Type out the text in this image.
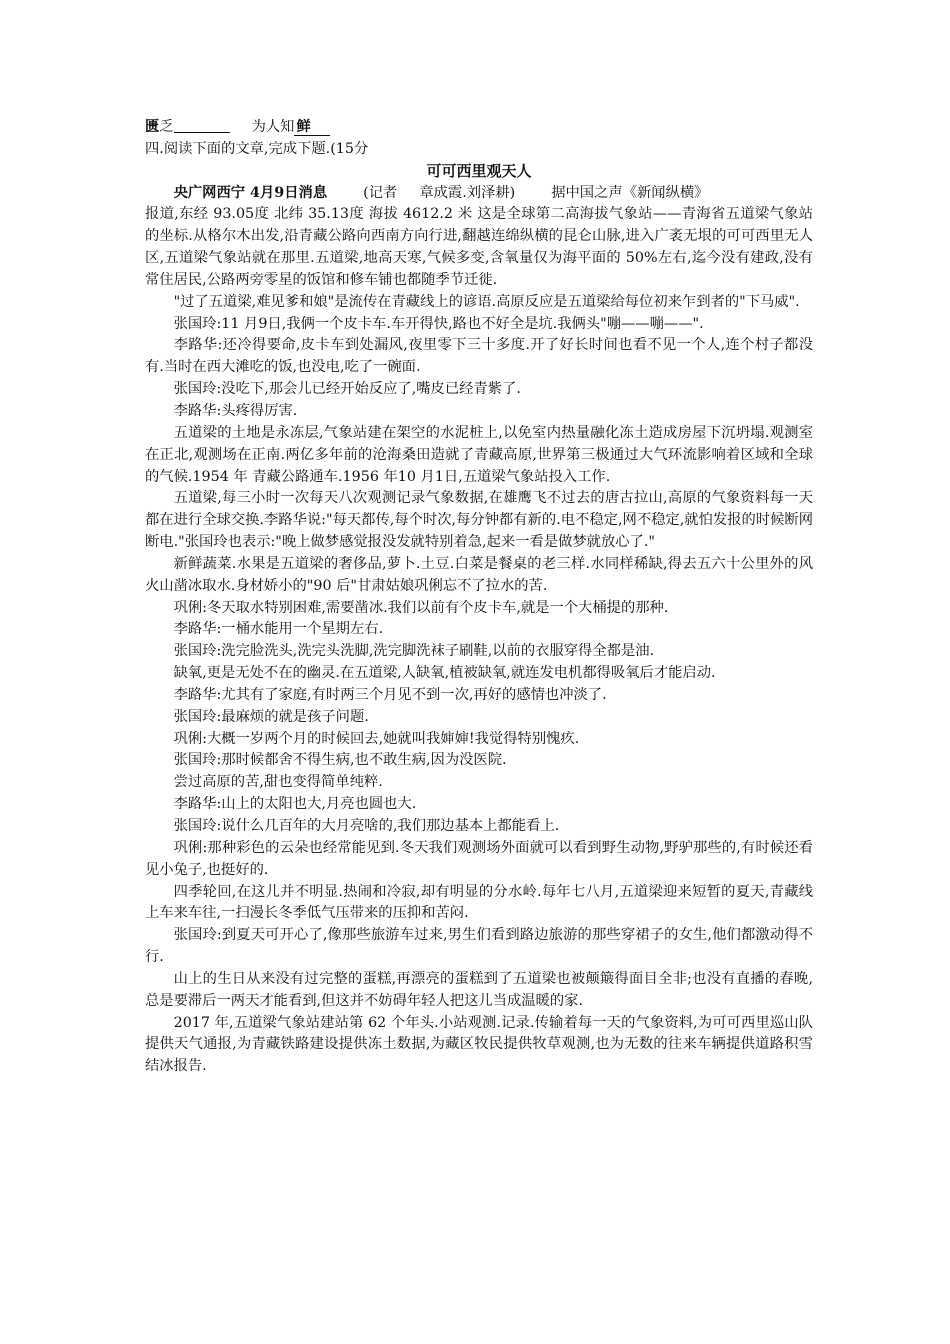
匮乏	为人知 鲜
四.阅读下面的文章,完成下题.(15分
可可西里观天人
央广网西宁 4月9日消息	(记者 章成霞.刘泽耕)	据中国之声《新闻纵横》
报道,东经 93.05度 北纬 35.13度 海拔 4612.2 米 这是全球第二高海拔气象站——青海省五道梁气象站的坐标.从格尔木出发,沿青藏公路向西南方向行进,翻越连绵纵横的昆仑山脉,进入广袤无垠的可可西里无人区,五道梁气象站就在那里.五道梁,地高天寒,气候多变,含氧量仅为海平面的 50%左右,迄今没有建政,没有常住居民,公路两旁零星的饭馆和修车铺也都随季节迁徙.
"过了五道梁,难见爹和娘"是流传在青藏线上的谚语.高原反应是五道梁给每位初来乍到者的"下马威".
张国玲:11 月9日,我俩一个皮卡车.车开得快,路也不好全是坑.我俩头"嘣——嘣——".
李路华:还冷得要命,皮卡车到处漏风,夜里零下三十多度.开了好长时间也看不见一个人,连个村子都没有.当时在西大滩吃的饭,也没电,吃了一碗面.
张国玲:没吃下,那会儿已经开始反应了,嘴皮已经青紫了.
李路华:头疼得厉害.
五道梁的土地是永冻层,气象站建在架空的水泥桩上,以免室内热量融化冻土造成房屋下沉坍塌.观测室在正北,观测场在正南.两亿多年前的沧海桑田造就了青藏高原,世界第三极通过大气环流影响着区域和全球的气候.1954 年 青藏公路通车.1956 年10 月1日,五道梁气象站投入工作.
五道梁,每三小时一次每天八次观测记录气象数据,在雄鹰飞不过去的唐古拉山,高原的气象资料每一天都在进行全球交换.李路华说:"每天都传,每个时次,每分钟都有新的.电不稳定,网不稳定,就怕发报的时候断网断电."张国玲也表示:"晚上做梦感觉报没发就特别着急,起来一看是做梦就放心了."
新鲜蔬菜.水果是五道梁的奢侈品,萝卜.土豆.白菜是餐桌的老三样.水同样稀缺,得去五六十公里外的风火山凿冰取水.身材娇小的"90 后"甘肃姑娘巩俐忘不了拉水的苦.
巩俐:冬天取水特别困难,需要凿冰.我们以前有个皮卡车,就是一个大桶提的那种.
李路华:一桶水能用一个星期左右.
张国玲:洗完脸洗头,洗完头洗脚,洗完脚洗袜子刷鞋,以前的衣服穿得全都是油.
缺氧,更是无处不在的幽灵.在五道梁,人缺氧,植被缺氧,就连发电机都得吸氧后才能启动.
李路华:尤其有了家庭,有时两三个月见不到一次,再好的感情也冲淡了.
张国玲:最麻烦的就是孩子问题.
巩俐:大概一岁两个月的时候回去,她就叫我婶婶!我觉得特别愧疚.
张国玲:那时候都舍不得生病,也不敢生病,因为没医院.
尝过高原的苦,甜也变得简单纯粹.
李路华:山上的太阳也大,月亮也圆也大.
张国玲:说什么几百年的大月亮啥的,我们那边基本上都能看上.
巩俐:那种彩色的云朵也经常能见到.冬天我们观测场外面就可以看到野生动物,野驴那些的,有时候还看见小兔子,也挺好的.
四季轮回,在这儿并不明显.热闹和冷寂,却有明显的分水岭.每年七八月,五道梁迎来短暂的夏天,青藏线上车来车往,一扫漫长冬季低气压带来的压抑和苦闷.
张国玲:到夏天可开心了,像那些旅游车过来,男生们看到路边旅游的那些穿裙子的女生,他们都激动得不行.
山上的生日从来没有过完整的蛋糕,再漂亮的蛋糕到了五道梁也被颠簸得面目全非;也没有直播的春晚,总是要滞后一两天才能看到,但这并不妨碍年轻人把这儿当成温暖的家.
2017 年,五道梁气象站建站第 62 个年头.小站观测.记录.传输着每一天的气象资料,为可可西里巡山队提供天气通报,为青藏铁路建设提供冻土数据,为藏区牧民提供牧草观测,也为无数的往来车辆提供道路积雪结冰报告.
